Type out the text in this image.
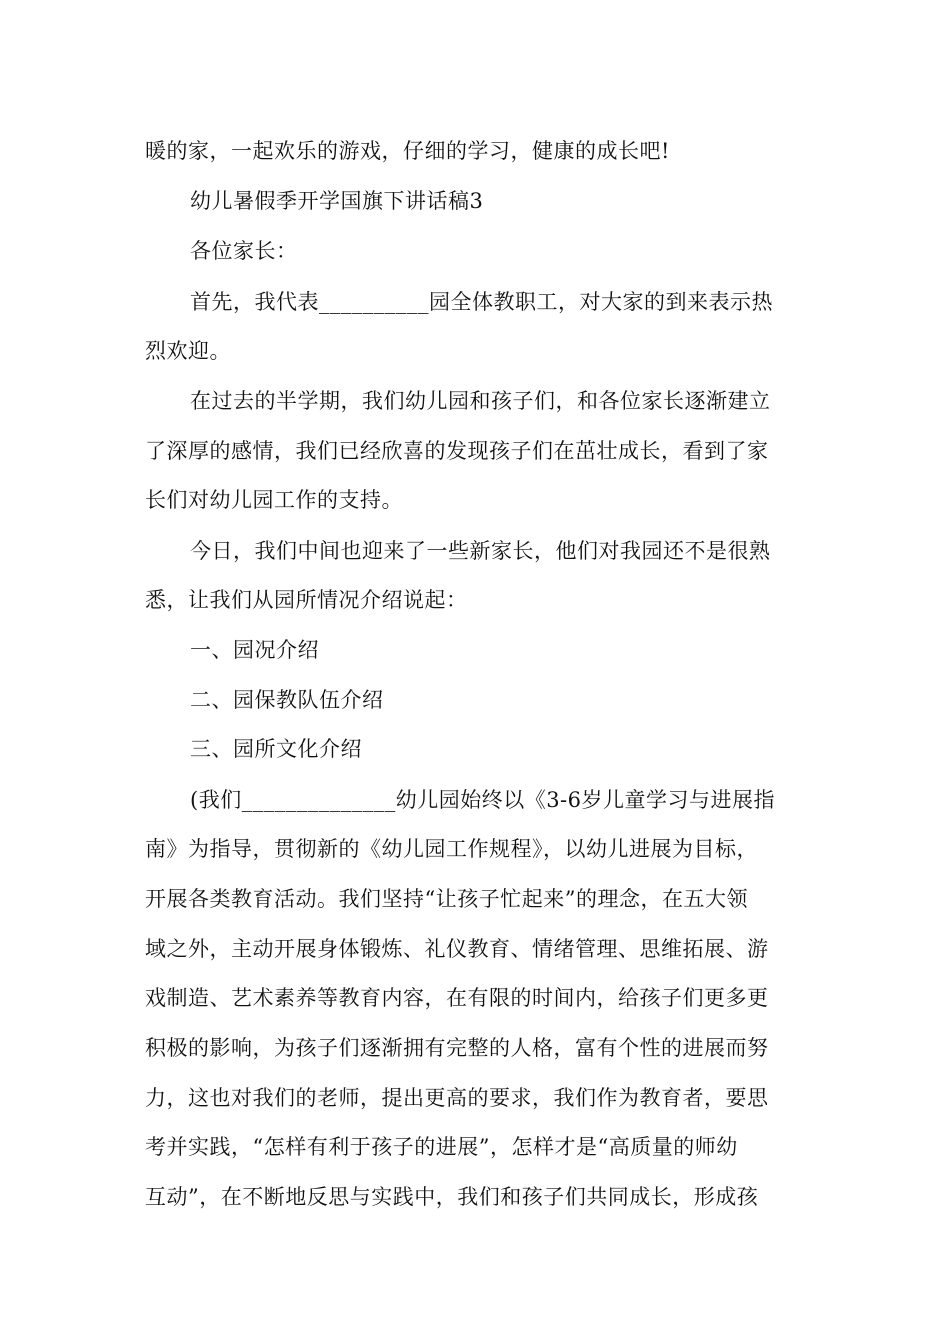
暖的家，一起欢乐的游戏，仔细的学习，健康的成长吧!
幼儿暑假季开学国旗下讲话稿3
各位家长：
首先，我代表__________园全体教职工，对大家的到来表示热
烈欢迎。
在过去的半学期，我们幼儿园和孩子们，和各位家长逐渐建立
了深厚的感情，我们已经欣喜的发现孩子们在茁壮成长，看到了家
长们对幼儿园工作的支持。
今日，我们中间也迎来了一些新家长，他们对我园还不是很熟
悉，让我们从园所情况介绍说起：
一、园况介绍
二、园保教队伍介绍
三、园所文化介绍
(我们______________幼儿园始终以《3-6岁儿童学习与进展指
南》为指导，贯彻新的《幼儿园工作规程》，以幼儿进展为目标，
开展各类教育活动。我们坚持“让孩子忙起来”的理念，在五大领
域之外，主动开展身体锻炼、礼仪教育、情绪管理、思维拓展、游
戏制造、艺术素养等教育内容，在有限的时间内，给孩子们更多更
积极的影响，为孩子们逐渐拥有完整的人格，富有个性的进展而努
力，这也对我们的老师，提出更高的要求，我们作为教育者，要思
考并实践，“怎样有利于孩子的进展”，怎样才是“高质量的师幼
互动”，在不断地反思与实践中，我们和孩子们共同成长，形成孩
